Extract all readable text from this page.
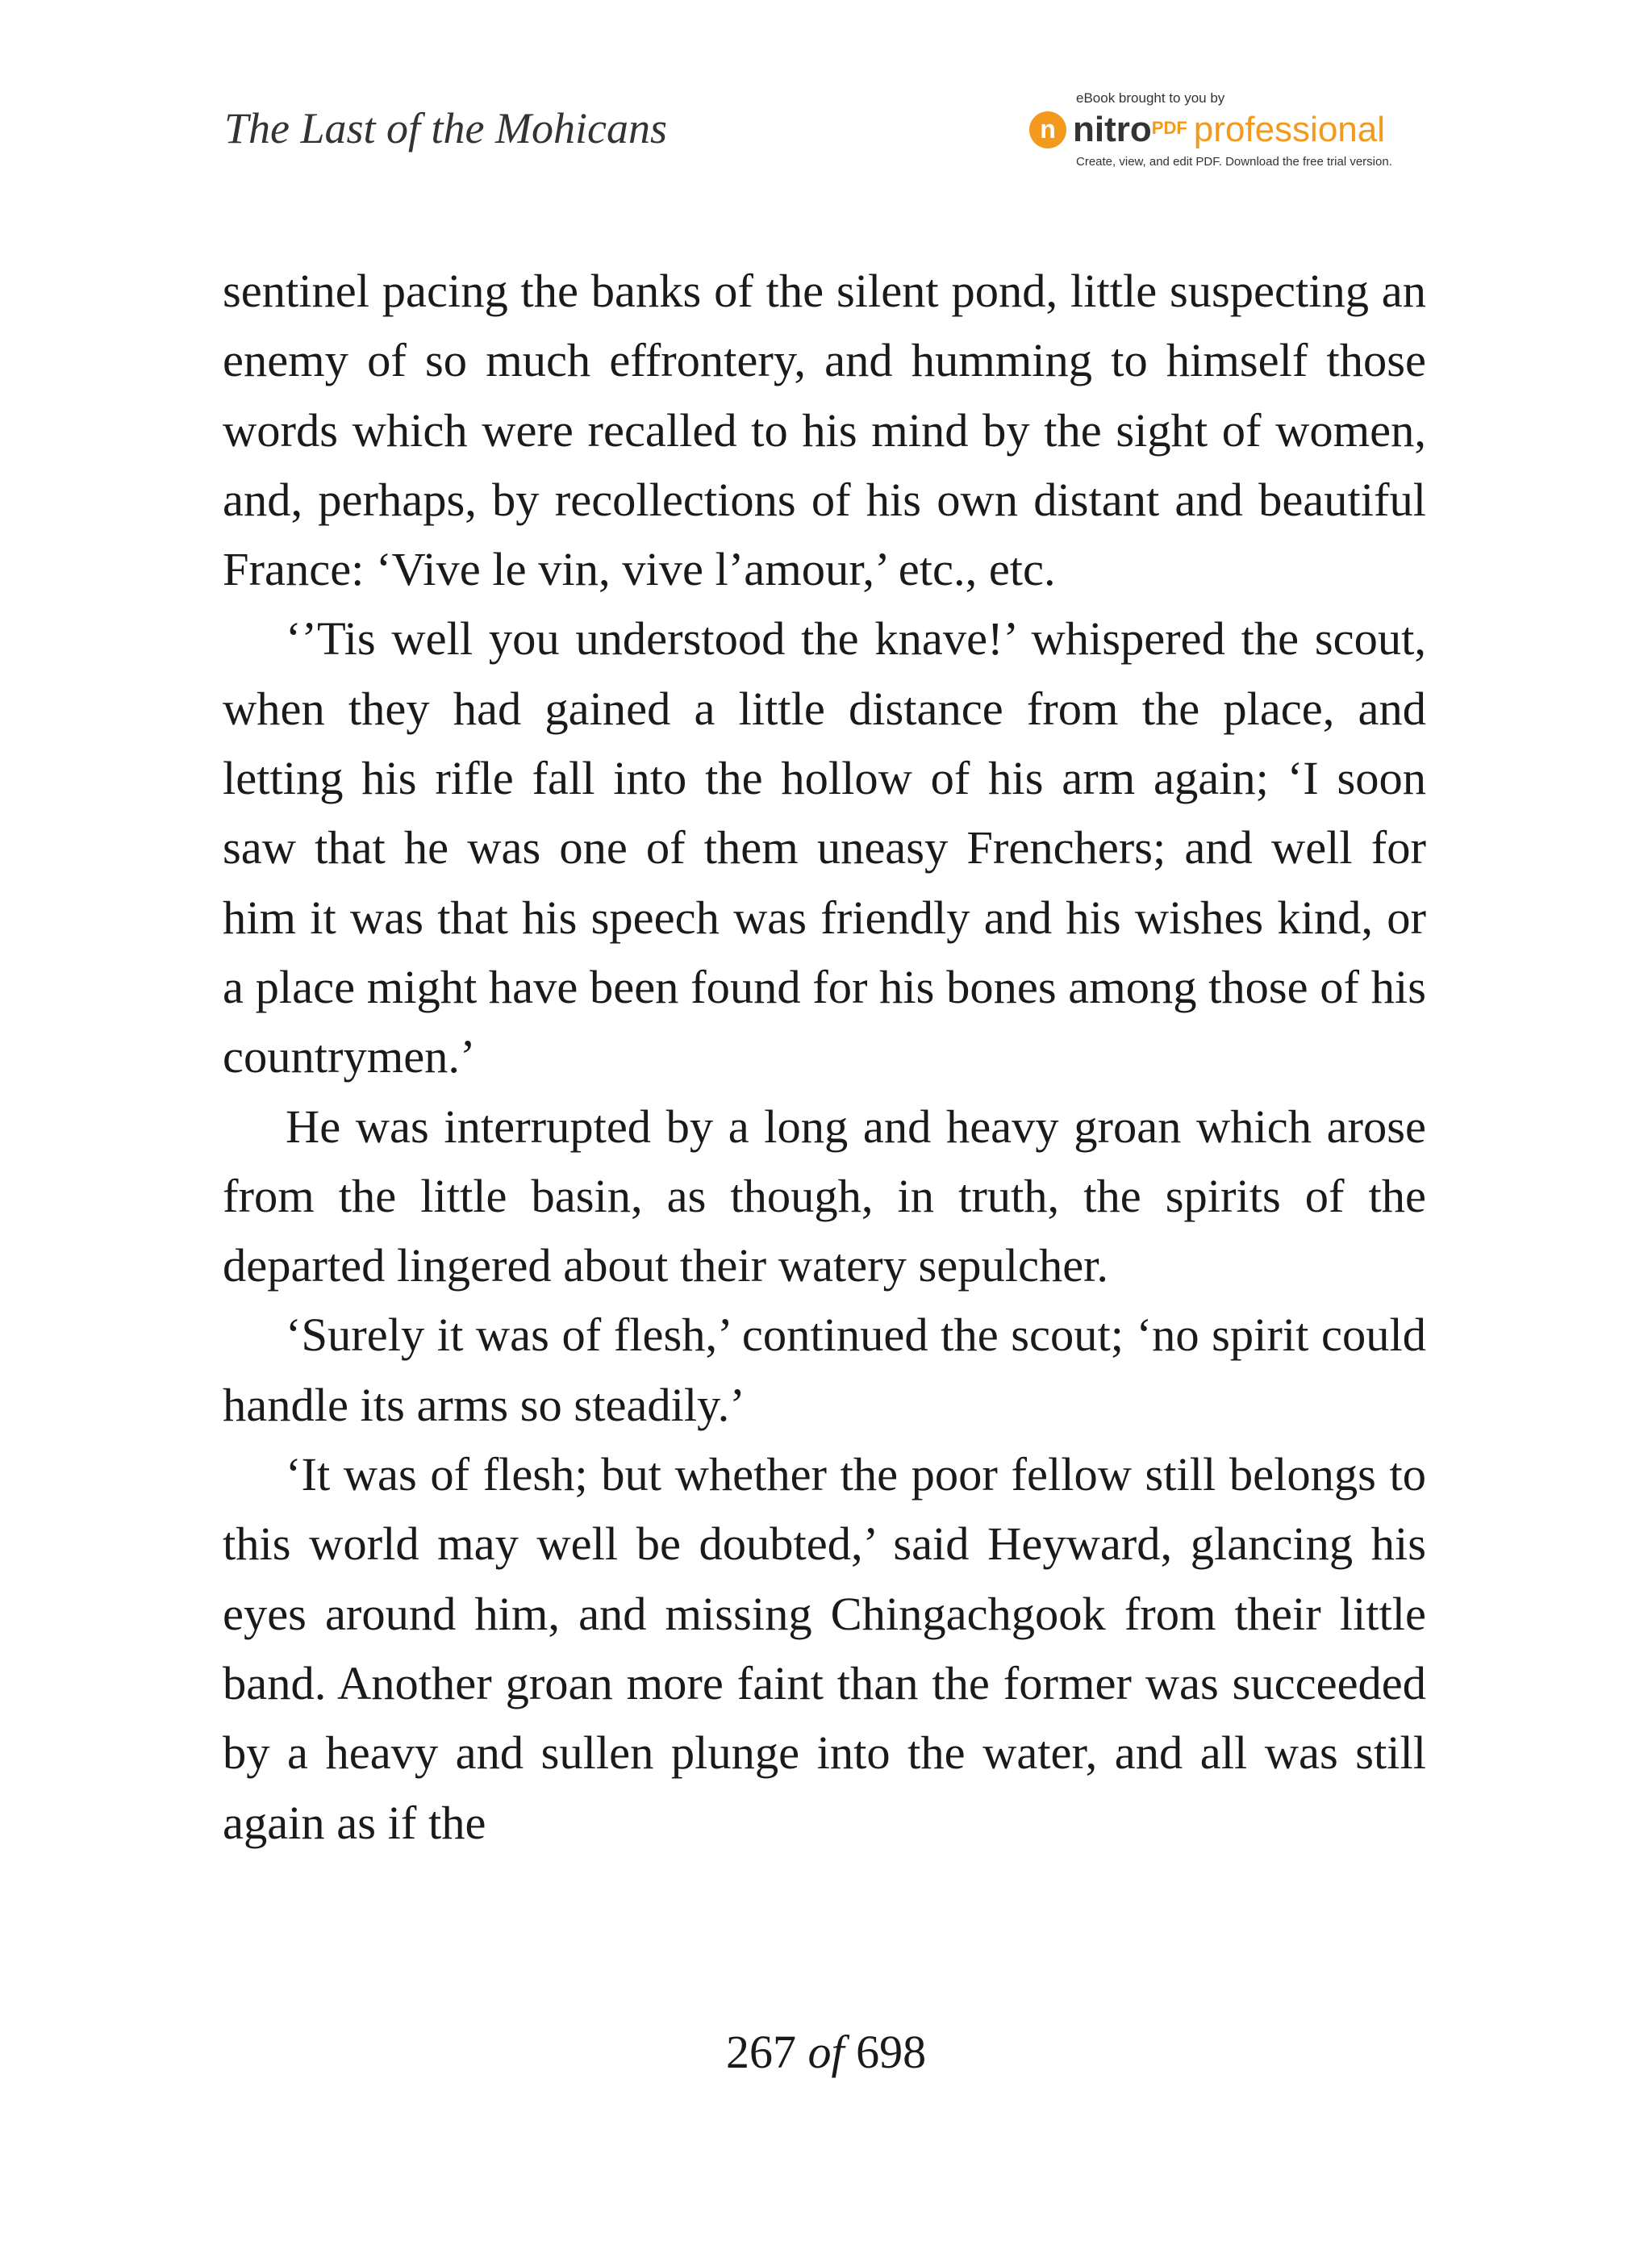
The Last of the Mohicans
eBook brought to you by
n nitro$^{PDF}$ professional
Create, view, and edit PDF. Download the free trial version.

sentinel pacing the banks of the silent pond, little suspecting an enemy of so much effrontery, and humming to himself those words which were recalled to his mind by the sight of women, and, perhaps, by recollections of his own distant and beautiful France: ‘Vive le vin, vive l’amour,’ etc., etc.

‘’Tis well you understood the knave!’ whispered the scout, when they had gained a little distance from the place, and letting his rifle fall into the hollow of his arm again; ‘I soon saw that he was one of them uneasy Frenchers; and well for him it was that his speech was friendly and his wishes kind, or a place might have been found for his bones among those of his countrymen.’

He was interrupted by a long and heavy groan which arose from the little basin, as though, in truth, the spirits of the departed lingered about their watery sepulcher.

‘Surely it was of flesh,’ continued the scout; ‘no spirit could handle its arms so steadily.’

‘It was of flesh; but whether the poor fellow still belongs to this world may well be doubted,’ said Heyward, glancing his eyes around him, and missing Chingachgook from their little band. Another groan more faint than the former was succeeded by a heavy and sullen plunge into the water, and all was still again as if the

267 of 698
